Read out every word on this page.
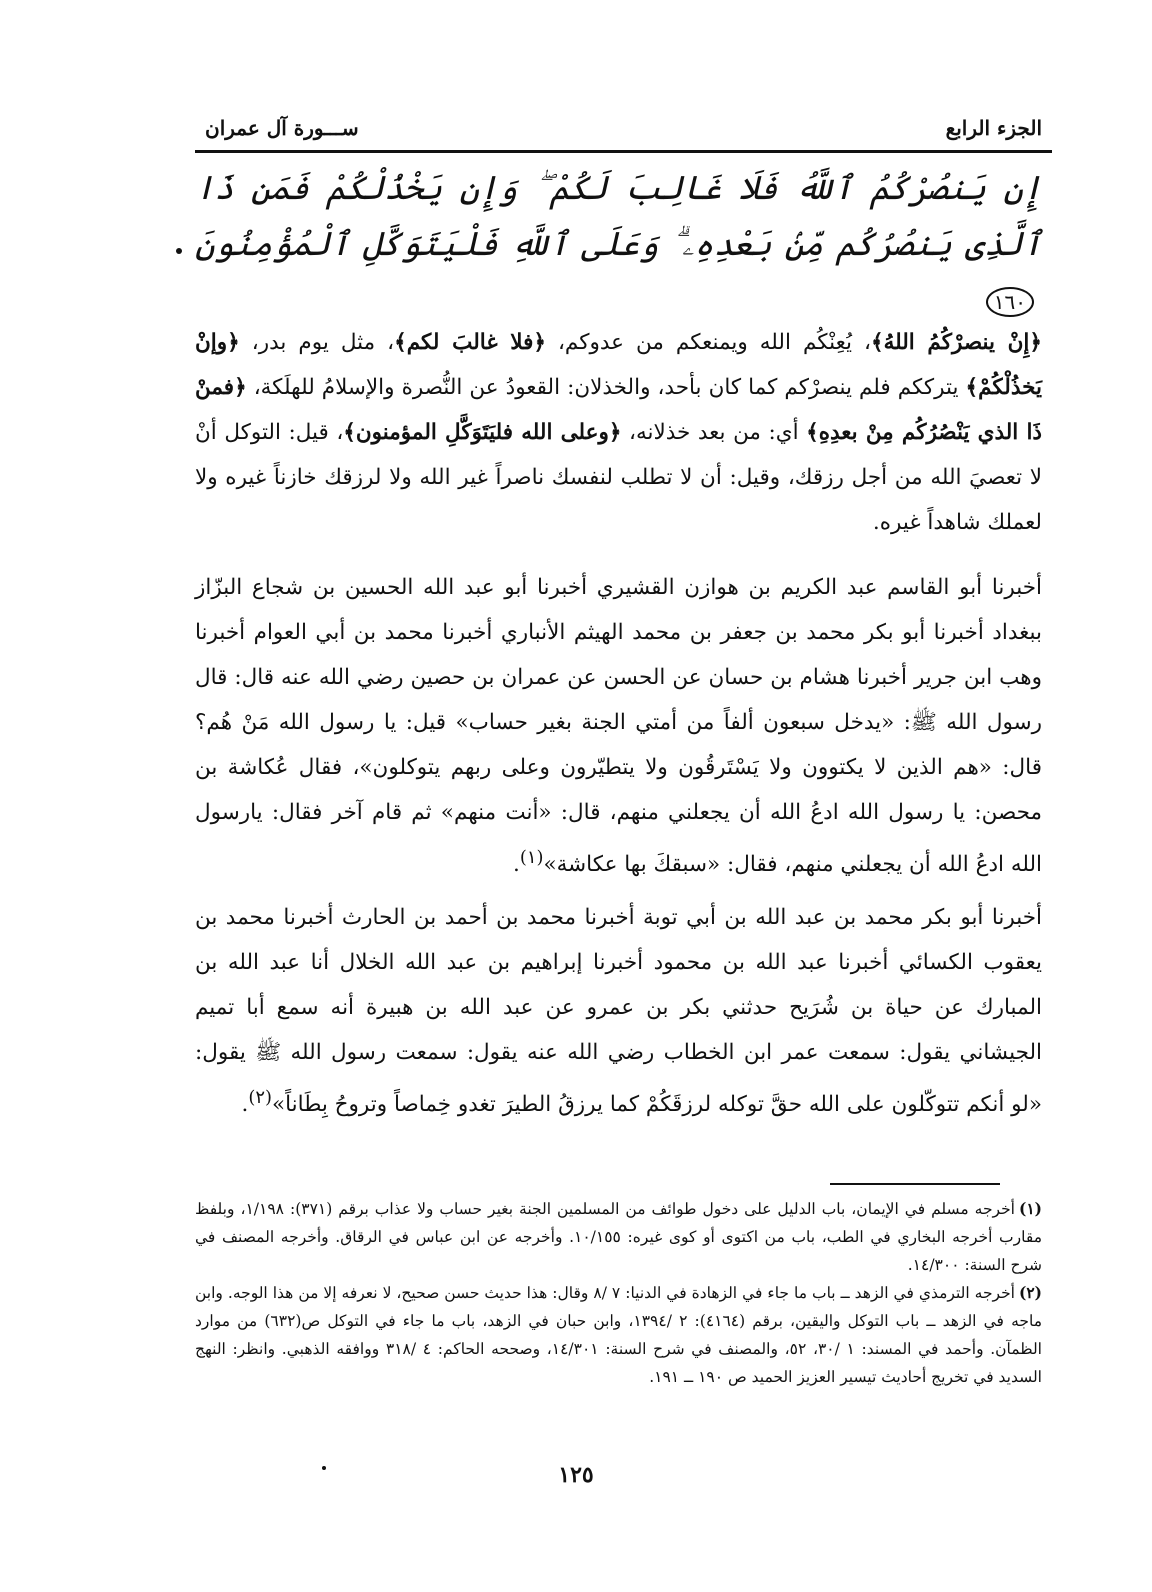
الجزء الرابع
ســـورة آل عمران
إِن يَنصُرْكُمُ ٱللَّهُ فَلَا غَالِبَ لَكُمْ ۖ وَإِن يَخْذُلْكُمْ فَمَن ذَا ٱلَّذِى يَنصُرُكُم مِّنۢ بَعْدِهِۦ ۗ وَعَلَى ٱللَّهِ فَلْيَتَوَكَّلِ ٱلْمُؤْمِنُونَ ١٦٠
﴿إِنْ ينصرْكُمُ اللهُ﴾، يُعِنْكُم الله ويمنعكم من عدوكم، ﴿فلا غالبَ لكم﴾، مثل يوم بدر، ﴿وإنْ يَخذُلْكُمْ﴾ يترككم فلم ينصرْكم كما كان بأحد، والخذلان: القعودُ عن النُّصرة والإسلامُ للهلَكة، ﴿فمنْ ذَا الذي يَنْصُرُكُم مِنْ بعدِهِ﴾ أي: من بعد خذلانه، ﴿وعلى الله فليَتَوَكَّلِ المؤمنون﴾، قيل: التوكل أنْ لا تعصيَ الله من أجل رزقك، وقيل: أن لا تطلب لنفسك ناصراً غير الله ولا لرزقك خازناً غيره ولا لعملك شاهداً غيره.
أخبرنا أبو القاسم عبد الكريم بن هوازن القشيري أخبرنا أبو عبد الله الحسين بن شجاع البزّاز ببغداد أخبرنا أبو بكر محمد بن جعفر بن محمد الهيثم الأنباري أخبرنا محمد بن أبي العوام أخبرنا وهب ابن جرير أخبرنا هشام بن حسان عن الحسن عن عمران بن حصين رضي الله عنه قال: قال رسول الله ﷺ: «يدخل سبعون ألفاً من أمتي الجنة بغير حساب» قيل: يا رسول الله مَنْ هُم؟ قال: «هم الذين لا يكتوون ولا يَسْتَرقُون ولا يتطيّرون وعلى ربهم يتوكلون»، فقال عُكاشة بن محصن: يا رسول الله ادعُ الله أن يجعلني منهم، قال: «أنت منهم» ثم قام آخر فقال: يارسول الله ادعُ الله أن يجعلني منهم، فقال: «سبقكَ بها عكاشة»$^{(١)}$.
أخبرنا أبو بكر محمد بن عبد الله بن أبي توبة أخبرنا محمد بن أحمد بن الحارث أخبرنا محمد بن يعقوب الكسائي أخبرنا عبد الله بن محمود أخبرنا إبراهيم بن عبد الله الخلال أنا عبد الله بن المبارك عن حياة بن شُرَيح حدثني بكر بن عمرو عن عبد الله بن هبيرة أنه سمع أبا تميم الجيشاني يقول: سمعت عمر ابن الخطاب رضي الله عنه يقول: سمعت رسول الله ﷺ يقول: «لو أنكم تتوكّلون على الله حقَّ توكله لرزقَكُمْ كما يرزقُ الطيرَ تغدو خِماصاً وتروحُ بِطَاناً»$^{(٢)}$.

(١)أخرجه مسلم في الإيمان، باب الدليل على دخول طوائف من المسلمين الجنة بغير حساب ولا عذاب برقم (٣٧١): ١/١٩٨، وبلفظ مقارب أخرجه البخاري في الطب، باب من اكتوى أو كوى غيره: ١٠/١٥٥. وأخرجه عن ابن عباس في الرقاق. وأخرجه المصنف في شرح السنة: ١٤/٣٠٠.

(٢)أخرجه الترمذي في الزهد ــ باب ما جاء في الزهادة في الدنيا: ٧ /٨ وقال: هذا حديث حسن صحيح، لا نعرفه إلا من هذا الوجه. وابن ماجه في الزهد ــ باب التوكل واليقين، برقم (٤١٦٤): ٢ /١٣٩٤، وابن حبان في الزهد، باب ما جاء في التوكل ص(٦٣٢) من موارد الظمآن. وأحمد في المسند: ١ /٣٠، ٥٢، والمصنف في شرح السنة: ١٤/٣٠١، وصححه الحاكم: ٤ /٣١٨ ووافقه الذهبي. وانظر: النهج السديد في تخريج أحاديث تيسير العزيز الحميد ص ١٩٠ ــ ١٩١.

١٢٥
